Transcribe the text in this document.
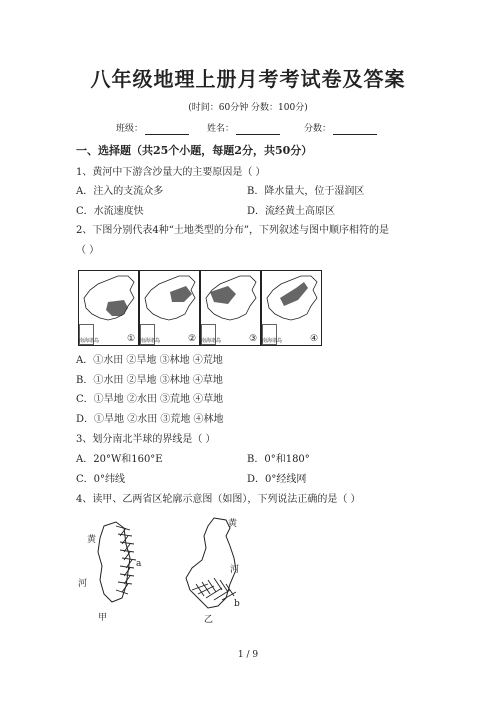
八年级地理上册月考考试卷及答案
(时间：60分钟 分数：100分)
班级：	姓名：	分数：
一、选择题（共25个小题，每题2分，共50分）
1、黄河中下游含沙量大的主要原因是（ ）
A．注入的支流众多	B．降水量大，位于湿润区
C．水流速度快	D．流经黄土高原区
2、下图分别代表4种“土地类型的分布”，下列叙述与图中顺序相符的是
（ ）
南海诸岛	南海诸岛	南海诸岛	南海诸岛
①	②	③	④
A．①水田 ②旱地 ③林地 ④荒地
B．①水田 ②旱地 ③林地 ④草地
C．①旱地 ②水田 ③荒地 ④草地
D．①旱地 ②水田 ③荒地 ④林地
3、划分南北半球的界线是（ ）
A．20°W和160°E	B．0°和180°
C．0°纬线	D．0°经线网
4、读甲、乙两省区轮廓示意图（如图），下列说法正确的是（ ）
黄
a
河
甲
黄
河
b
乙
1 / 9
